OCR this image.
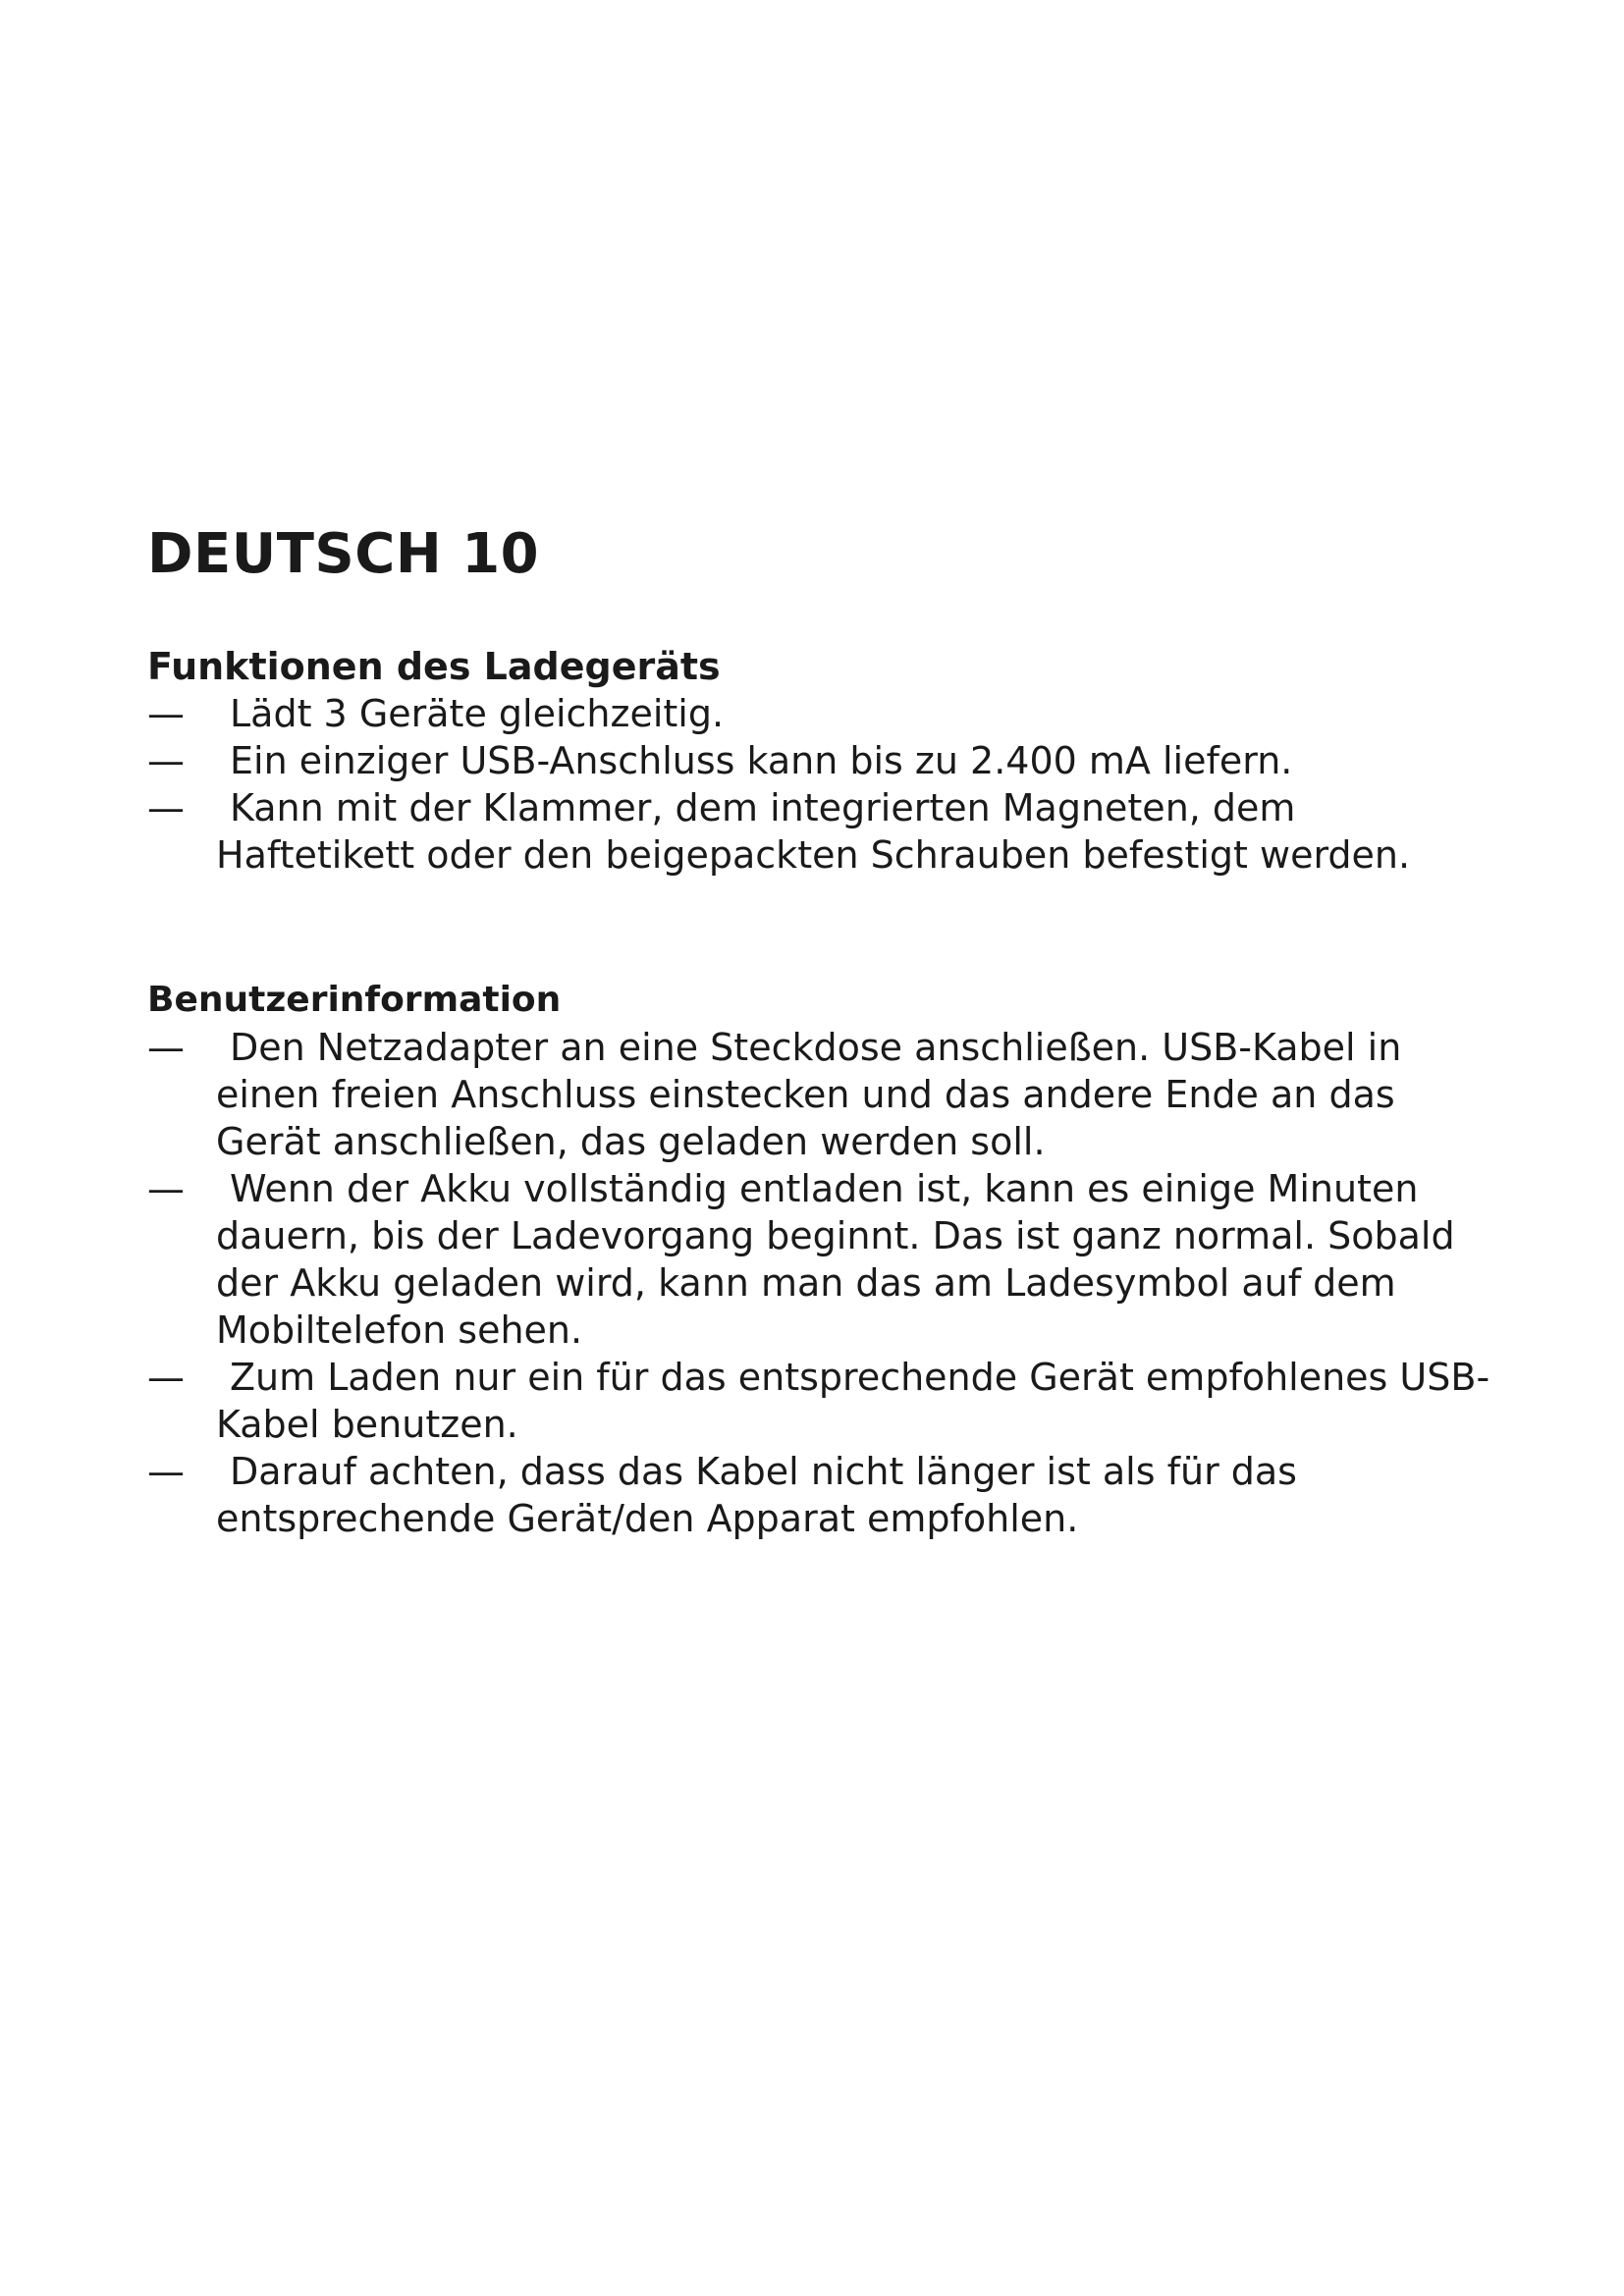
DEUTSCH 10
Funktionen des Ladegeräts
—	Lädt 3 Geräte gleichzeitig.
—	Ein einziger USB-Anschluss kann bis zu 2.400 mA liefern.
—	Kann mit der Klammer, dem integrierten Magneten, dem Haftetikett oder den beigepackten Schrauben befestigt werden.
Benutzerinformation
—	Den Netzadapter an eine Steckdose anschließen. USB-Kabel in einen freien Anschluss einstecken und das andere Ende an das Gerät anschließen, das geladen werden soll.
—	Wenn der Akku vollständig entladen ist, kann es einige Minuten dauern, bis der Ladevorgang beginnt. Das ist ganz normal. Sobald der Akku geladen wird, kann man das am Ladesymbol auf dem Mobiltelefon sehen.
—	Zum Laden nur ein für das entsprechende Gerät empfohlenes USB-Kabel benutzen.
—	Darauf achten, dass das Kabel nicht länger ist als für das entsprechende Gerät/den Apparat empfohlen.
